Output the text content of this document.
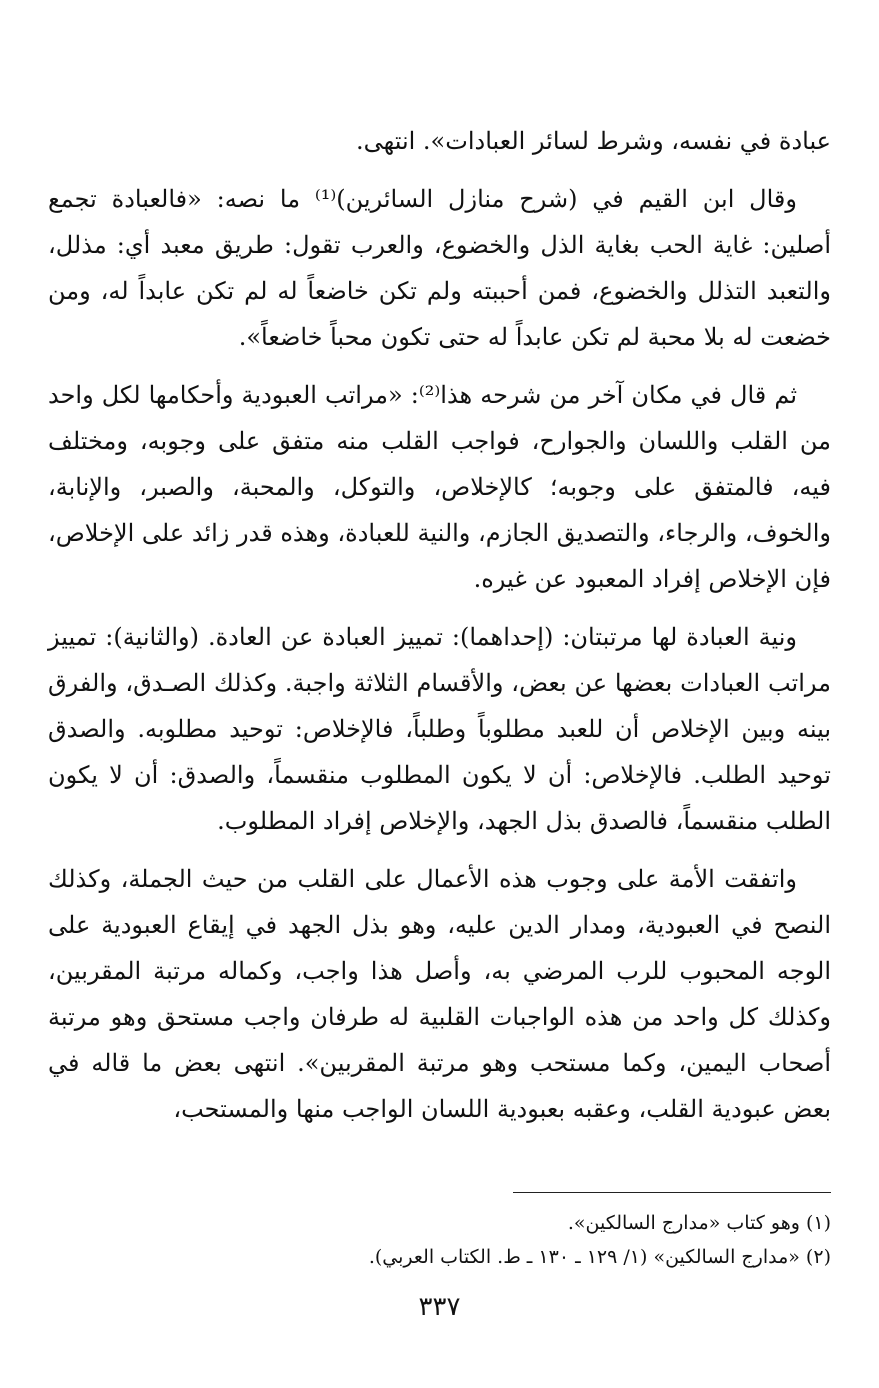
عبادة في نفسه، وشرط لسائر العبادات». انتهى.

وقال ابن القيم في (شرح منازل السائرين)⁽¹⁾ ما نصه: «فالعبادة تجمع أصلين: غاية الحب بغاية الذل والخضوع، والعرب تقول: طريق معبد أي: مذلل، والتعبد التذلل والخضوع، فمن أحببته ولم تكن خاضعاً له لم تكن عابداً له، ومن خضعت له بلا محبة لم تكن عابداً له حتى تكون محباً خاضعاً».

ثم قال في مكان آخر من شرحه هذا⁽²⁾: «مراتب العبودية وأحكامها لكل واحد من القلب واللسان والجوارح، فواجب القلب منه متفق على وجوبه، ومختلف فيه، فالمتفق على وجوبه؛ كالإخلاص، والتوكل، والمحبة، والصبر، والإنابة، والخوف، والرجاء، والتصديق الجازم، والنية للعبادة، وهذه قدر زائد على الإخلاص، فإن الإخلاص إفراد المعبود عن غيره.

ونية العبادة لها مرتبتان: (إحداهما): تمييز العبادة عن العادة. (والثانية): تمييز مراتب العبادات بعضها عن بعض، والأقسام الثلاثة واجبة. وكذلك الصـدق، والفرق بينه وبين الإخلاص أن للعبد مطلوباً وطلباً، فالإخلاص: توحيد مطلوبه. والصدق توحيد الطلب. فالإخلاص: أن لا يكون المطلوب منقسماً، والصدق: أن لا يكون الطلب منقسماً، فالصدق بذل الجهد، والإخلاص إفراد المطلوب.

واتفقت الأمة على وجوب هذه الأعمال على القلب من حيث الجملة، وكذلك النصح في العبودية، ومدار الدين عليه، وهو بذل الجهد في إيقاع العبودية على الوجه المحبوب للرب المرضي به، وأصل هذا واجب، وكماله مرتبة المقربين، وكذلك كل واحد من هذه الواجبات القلبية له طرفان واجب مستحق وهو مرتبة أصحاب اليمين، وكما مستحب وهو مرتبة المقربين». انتهى بعض ما قاله في بعض عبودية القلب، وعقبه بعبودية اللسان الواجب منها والمستحب،

(١) وهو كتاب «مدارج السالكين».

(٢) «مدارج السالكين» (١/ ١٢٩ ـ ١٣٠ ـ ط. الكتاب العربي).

٣٣٧
